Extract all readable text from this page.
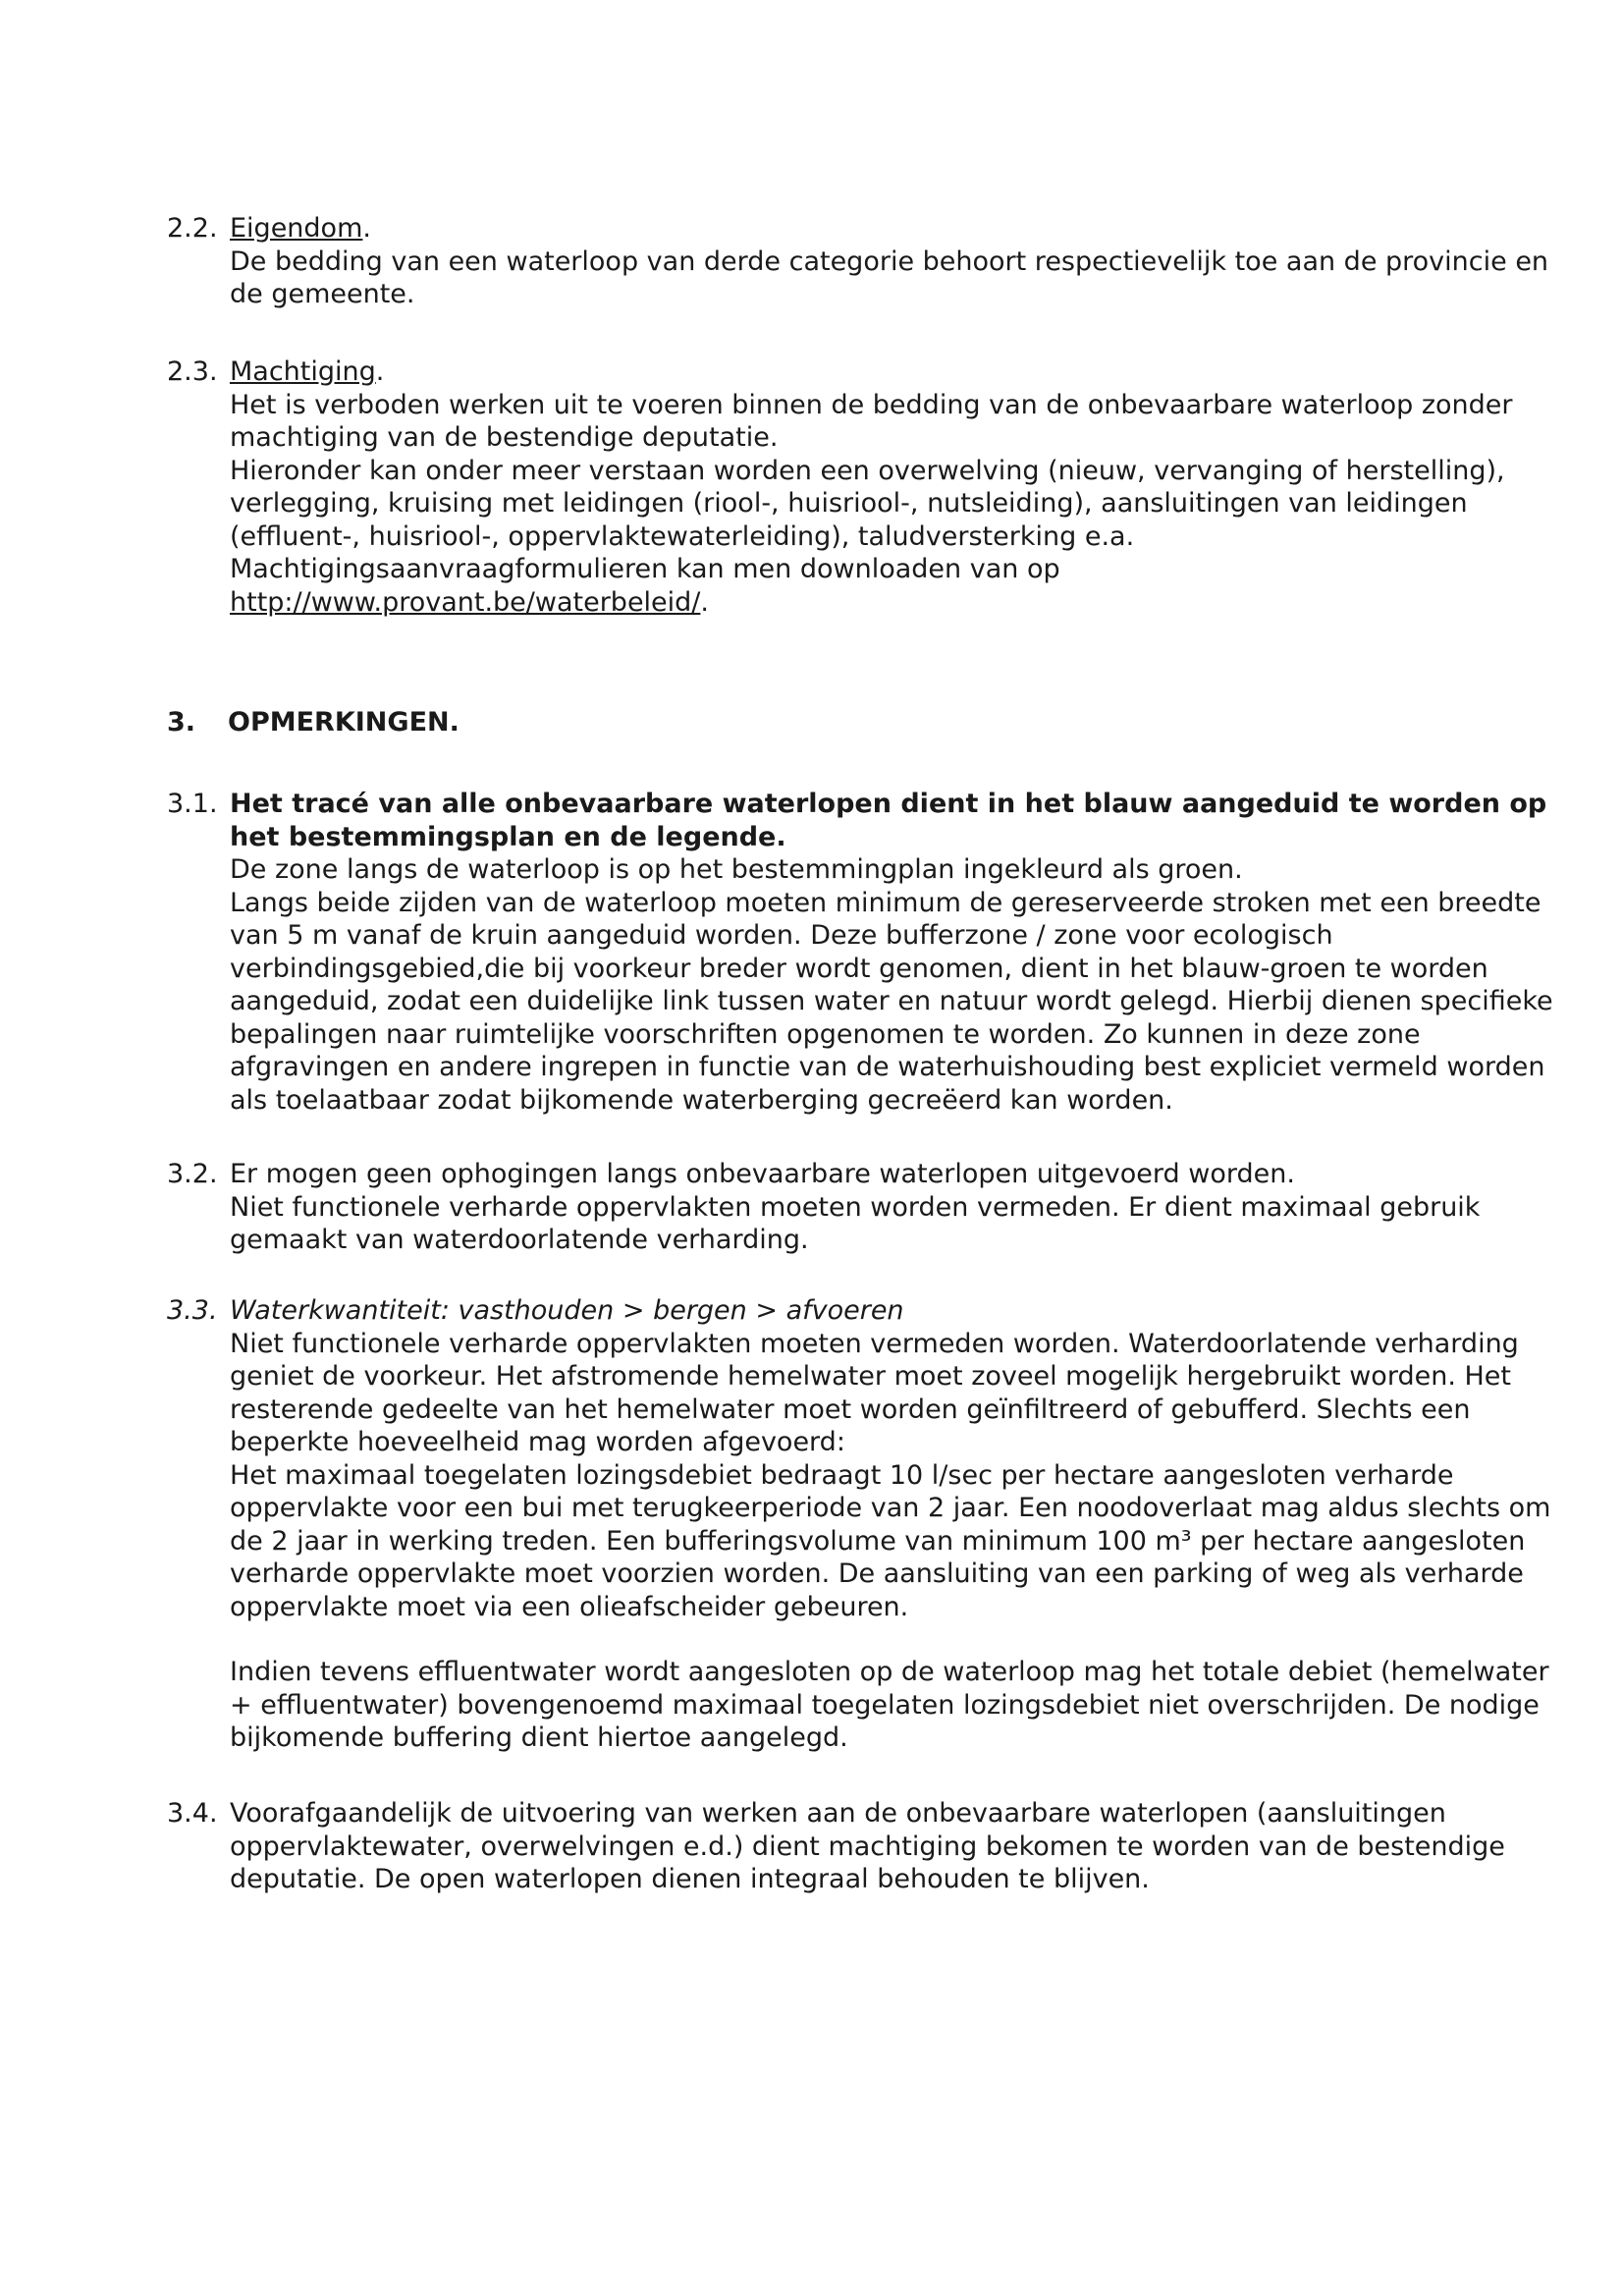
2.2. Eigendom.

De bedding van een waterloop van derde categorie behoort respectievelijk toe aan de provincie en de gemeente.

2.3. Machtiging.

Het is verboden werken uit te voeren binnen de bedding van de onbevaarbare waterloop zonder machtiging van de bestendige deputatie.

Hieronder kan onder meer verstaan worden een overwelving (nieuw, vervanging of herstelling), verlegging, kruising met leidingen (riool-, huisriool-, nutsleiding), aansluitingen van leidingen (effluent-, huisriool-, oppervlaktewaterleiding), taludversterking e.a.

Machtigingsaanvraagformulieren kan men downloaden van op

http://www.provant.be/waterbeleid/.

3. OPMERKINGEN.
3.1. Het tracé van alle onbevaarbare waterlopen dient in het blauw aangeduid te worden op het bestemmingsplan en de legende.

De zone langs de waterloop is op het bestemmingplan ingekleurd als groen.

Langs beide zijden van de waterloop moeten minimum de gereserveerde stroken met een breedte van 5 m vanaf de kruin aangeduid worden. Deze bufferzone / zone voor ecologisch verbindingsgebied,die bij voorkeur breder wordt genomen, dient in het blauw-groen te worden aangeduid, zodat een duidelijke link tussen water en natuur wordt gelegd. Hierbij dienen specifieke bepalingen naar ruimtelijke voorschriften opgenomen te worden. Zo kunnen in deze zone afgravingen en andere ingrepen in functie van de waterhuishouding best expliciet vermeld worden als toelaatbaar zodat bijkomende waterberging gecreëerd kan worden.

3.2. Er mogen geen ophogingen langs onbevaarbare waterlopen uitgevoerd worden.

Niet functionele verharde oppervlakten moeten worden vermeden. Er dient maximaal gebruik gemaakt van waterdoorlatende verharding.

3.3. Waterkwantiteit: vasthouden > bergen > afvoeren

Niet functionele verharde oppervlakten moeten vermeden worden. Waterdoorlatende verharding geniet de voorkeur. Het afstromende hemelwater moet zoveel mogelijk hergebruikt worden. Het resterende gedeelte van het hemelwater moet worden geïnfiltreerd of gebufferd. Slechts een beperkte hoeveelheid mag worden afgevoerd:

Het maximaal toegelaten lozingsdebiet bedraagt 10 l/sec per hectare aangesloten verharde oppervlakte voor een bui met terugkeerperiode van 2 jaar. Een noodoverlaat mag aldus slechts om de 2 jaar in werking treden. Een bufferingsvolume van minimum 100 m³ per hectare aangesloten verharde oppervlakte moet voorzien worden. De aansluiting van een parking of weg als verharde oppervlakte moet via een olieafscheider gebeuren.

Indien tevens effluentwater wordt aangesloten op de waterloop mag het totale debiet (hemelwater + effluentwater) bovengenoemd maximaal toegelaten lozingsdebiet niet overschrijden. De nodige bijkomende buffering dient hiertoe aangelegd.

3.4. Voorafgaandelijk de uitvoering van werken aan de onbevaarbare waterlopen (aansluitingen oppervlaktewater, overwelvingen e.d.) dient machtiging bekomen te worden van de bestendige deputatie. De open waterlopen dienen integraal behouden te blijven.
